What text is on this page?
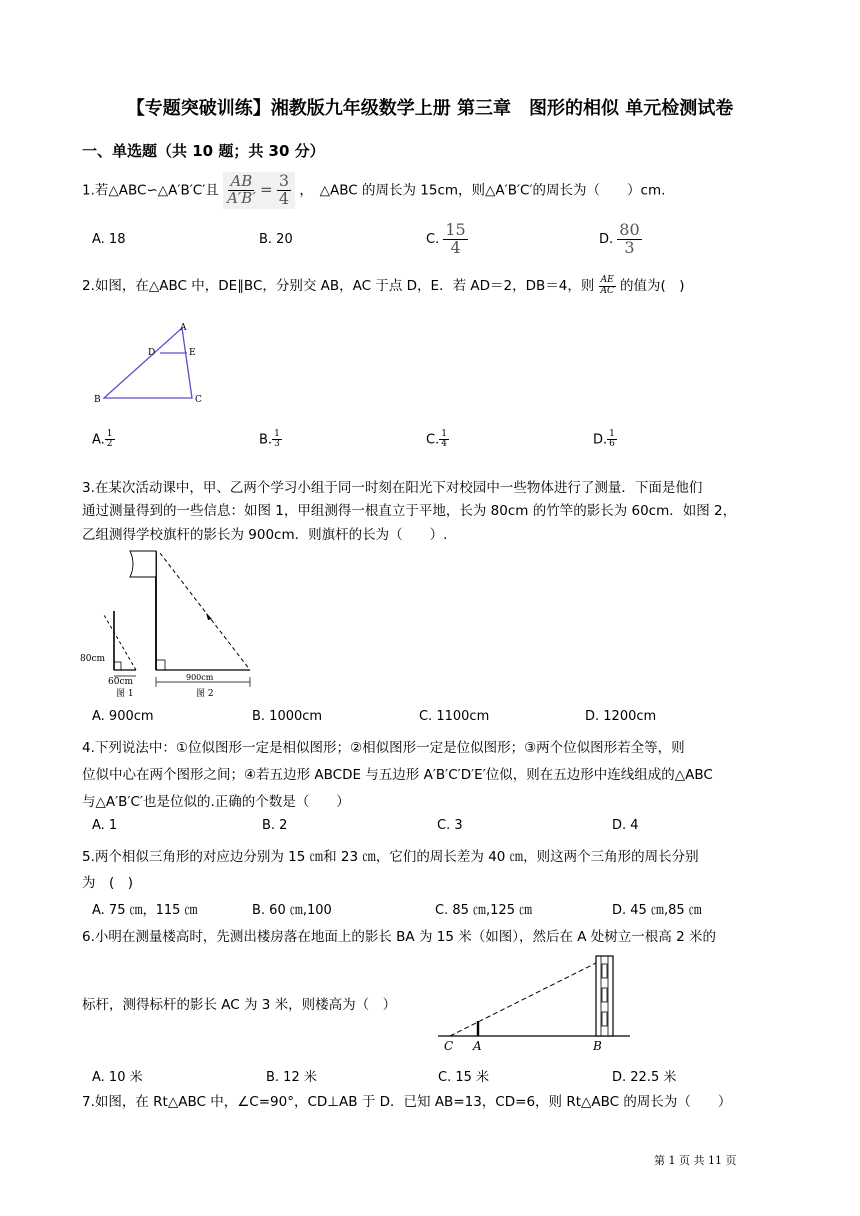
【专题突破训练】湘教版九年级数学上册 第三章　图形的相似 单元检测试卷
一、单选题（共 10 题；共 30 分）
1.若△ABC∽△A′B′C′且 $\frac{AB}{A'B'} = \frac{3}{4}$ ，　△ABC 的周长为 15cm，则△A′B′C′的周长为（　　）cm.
A. 18	B. 20	C. $\frac{15}{4}$	D. $\frac{80}{3}$
2.如图，在△ABC 中，DE∥BC，分别交 AB，AC 于点 D，E．若 AD＝2，DB＝4，则 $\frac{AE}{AC}$ 的值为(　)
A
D	E
B	C
A. $\frac{1}{2}$	B. $\frac{1}{3}$	C. $\frac{1}{4}$	D. $\frac{1}{6}$
3.在某次活动课中，甲、乙两个学习小组于同一时刻在阳光下对校园中一些物体进行了测量．下面是他们
通过测量得到的一些信息：如图 1，甲组测得一根直立于平地，长为 80cm 的竹竿的影长为 60cm．如图 2，
乙组测得学校旗杆的影长为 900cm．则旗杆的长为（　　）.
80cm
60cm
图 1
900cm
图 2
A. 900cm	B. 1000cm	C. 1100cm	D. 1200cm
4.下列说法中：①位似图形一定是相似图形；②相似图形一定是位似图形；③两个位似图形若全等，则
位似中心在两个图形之间；④若五边形 ABCDE 与五边形 A′B′C′D′E′位似，则在五边形中连线组成的△ABC
与△A′B′C′也是位似的.正确的个数是（　　）
A. 1	B. 2	C. 3	D. 4
5.两个相似三角形的对应边分别为 15 ㎝和 23 ㎝，它们的周长差为 40 ㎝，则这两个三角形的周长分别
为　(　)
A. 75 ㎝，115 ㎝	B. 60 ㎝,100	C. 85 ㎝,125 ㎝	D. 45 ㎝,85 ㎝
6.小明在测量楼高时，先测出楼房落在地面上的影长 BA 为 15 米（如图），然后在 A 处树立一根高 2 米的
标杆，测得标杆的影长 AC 为 3 米，则楼高为（　）
C A	B
A. 10 米	B. 12 米	C. 15 米	D. 22.5 米
7.如图，在 Rt△ABC 中，∠C=90°，CD⊥AB 于 D．已知 AB=13，CD=6，则 Rt△ABC 的周长为（　　）
第 1 页 共 11 页
